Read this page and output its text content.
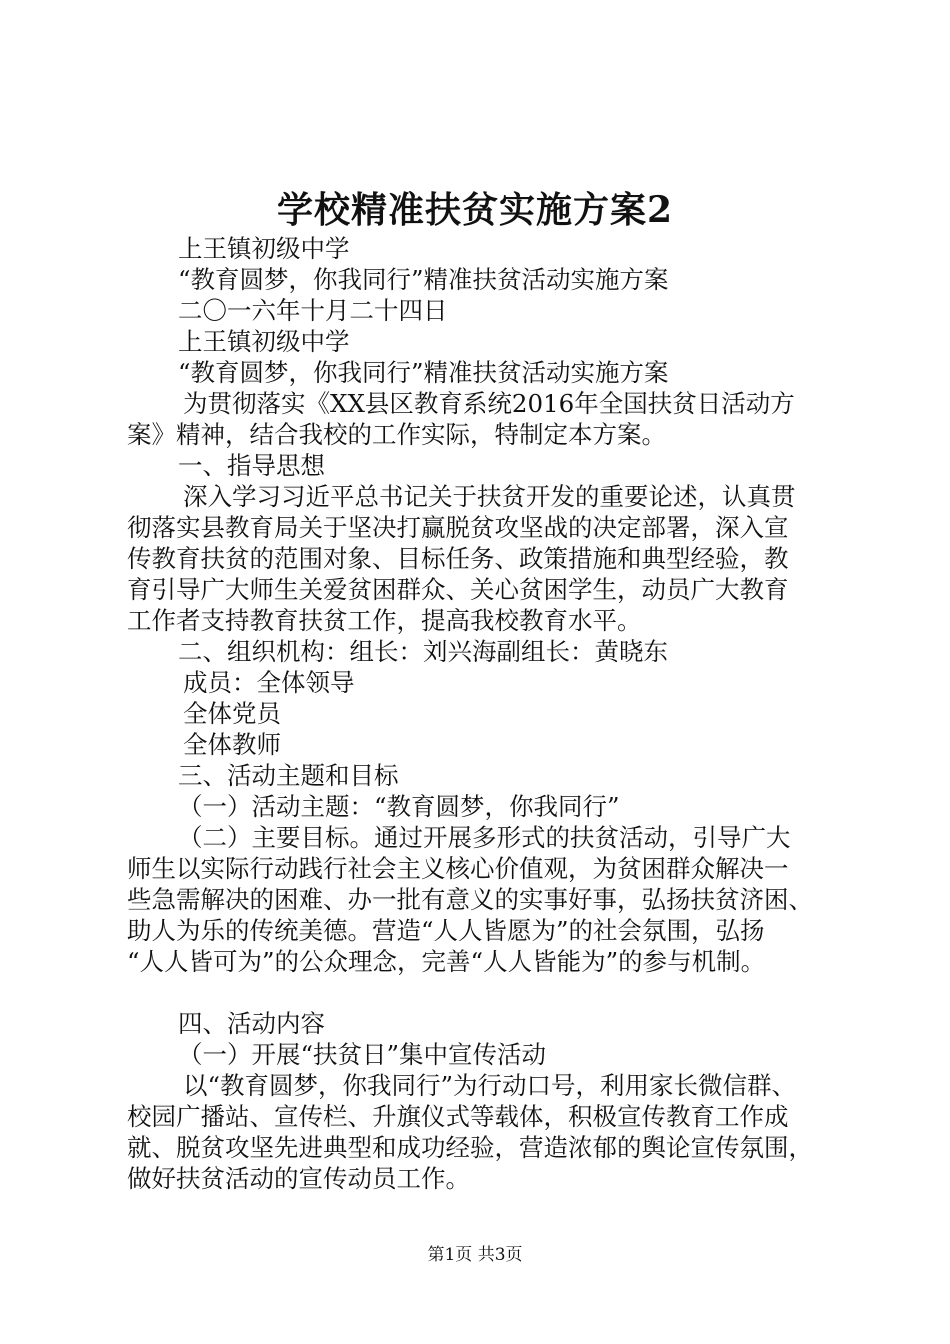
学校精准扶贫实施方案2
上王镇初级中学
“教育圆梦，你我同行”精准扶贫活动实施方案
二〇一六年十月二十四日
上王镇初级中学
“教育圆梦，你我同行”精准扶贫活动实施方案
为贯彻落实《XX县区教育系统2016年全国扶贫日活动方
案》精神，结合我校的工作实际，特制定本方案。
一、指导思想
深入学习习近平总书记关于扶贫开发的重要论述，认真贯
彻落实县教育局关于坚决打赢脱贫攻坚战的决定部署，深入宣
传教育扶贫的范围对象、目标任务、政策措施和典型经验，教
育引导广大师生关爱贫困群众、关心贫困学生，动员广大教育
工作者支持教育扶贫工作，提高我校教育水平。
二、组织机构：组长：刘兴海副组长：黄晓东
成员：全体领导
全体党员
全体教师
三、活动主题和目标
（一）活动主题：“教育圆梦，你我同行”
（二）主要目标。通过开展多形式的扶贫活动，引导广大
师生以实际行动践行社会主义核心价值观，为贫困群众解决一
些急需解决的困难、办一批有意义的实事好事，弘扬扶贫济困、
助人为乐的传统美德。营造“人人皆愿为”的社会氛围，弘扬
“人人皆可为”的公众理念，完善“人人皆能为”的参与机制。
四、活动内容
（一）开展“扶贫日”集中宣传活动
以“教育圆梦，你我同行”为行动口号，利用家长微信群、
校园广播站、宣传栏、升旗仪式等载体，积极宣传教育工作成
就、脱贫攻坚先进典型和成功经验，营造浓郁的舆论宣传氛围，
做好扶贫活动的宣传动员工作。
第1页 共3页
